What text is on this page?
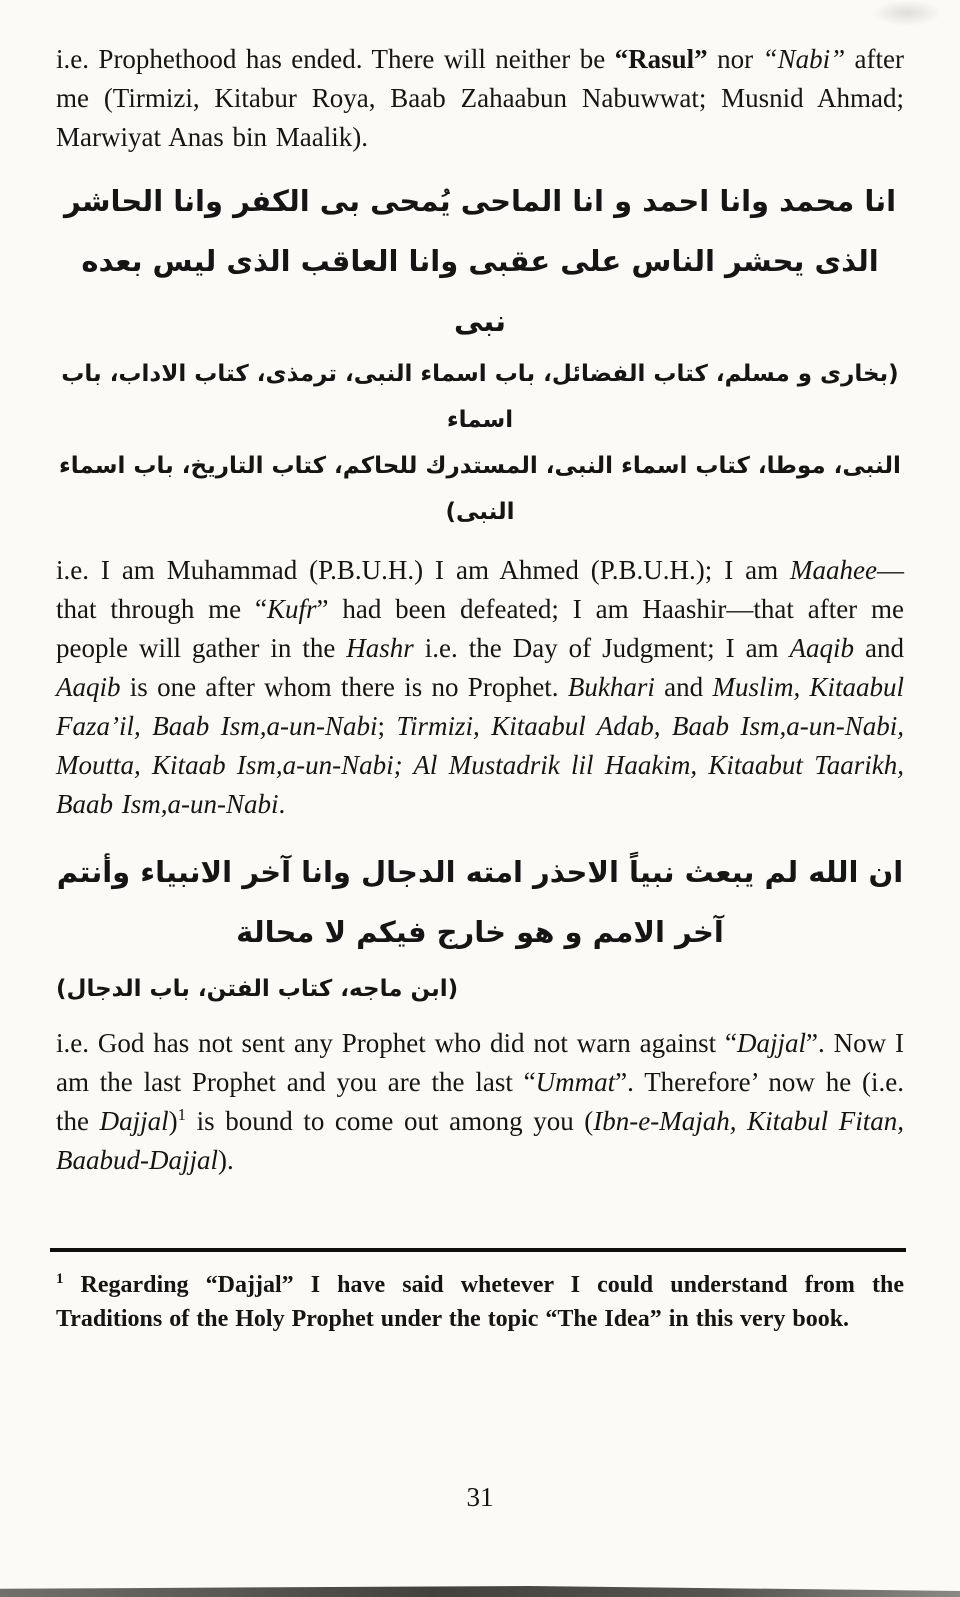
i.e. Prophethood has ended. There will neither be “Rasul” nor “Nabi” after me (Tirmizi, Kitabur Roya, Baab Zahaabun Nabuwwat; Musnid Ahmad; Marwiyat Anas bin Maalik).

انا محمد وانا احمد و انا الماحى يُمحى بى الكفر وانا الحاشر
الذى يحشر الناس على عقبى وانا العاقب الذى ليس بعده نبى
(بخارى و مسلم، كتاب الفضائل، باب اسماء النبى، ترمذى، كتاب الاداب، باب اسماء
النبى، موطا، كتاب اسماء النبى، المستدرك للحاكم، كتاب التاريخ، باب اسماء النبى)

i.e. I am Muhammad (P.B.U.H.) I am Ahmed (P.B.U.H.); I am Maahee—that through me “Kufr” had been defeated; I am Haashir—that after me people will gather in the Hashr i.e. the Day of Judgment; I am Aaqib and Aaqib is one after whom there is no Prophet. Bukhari and Muslim, Kitaabul Faza’il, Baab Ism,a-un-Nabi; Tirmizi, Kitaabul Adab, Baab Ism,a-un-Nabi, Moutta, Kitaab Ism,a-un-Nabi; Al Mustadrik lil Haakim, Kitaabut Taarikh, Baab Ism,a-un-Nabi.

ان الله لم يبعث نبياً الاحذر امته الدجال وانا آخر الانبياء وأنتم
آخر الامم و هو خارج فيكم لا محالة
(ابن ماجه، كتاب الفتن، باب الدجال)

i.e. God has not sent any Prophet who did not warn against “Dajjal”. Now I am the last Prophet and you are the last “Ummat”. Therefore’ now he (i.e. the Dajjal)$^1$ is bound to come out among you (Ibn-e-Majah, Kitabul Fitan, Baabud-Dajjal).

$^1$ Regarding “Dajjal” I have said whetever I could understand from the Traditions of the Holy Prophet under the topic “The Idea” in this very book.

31
